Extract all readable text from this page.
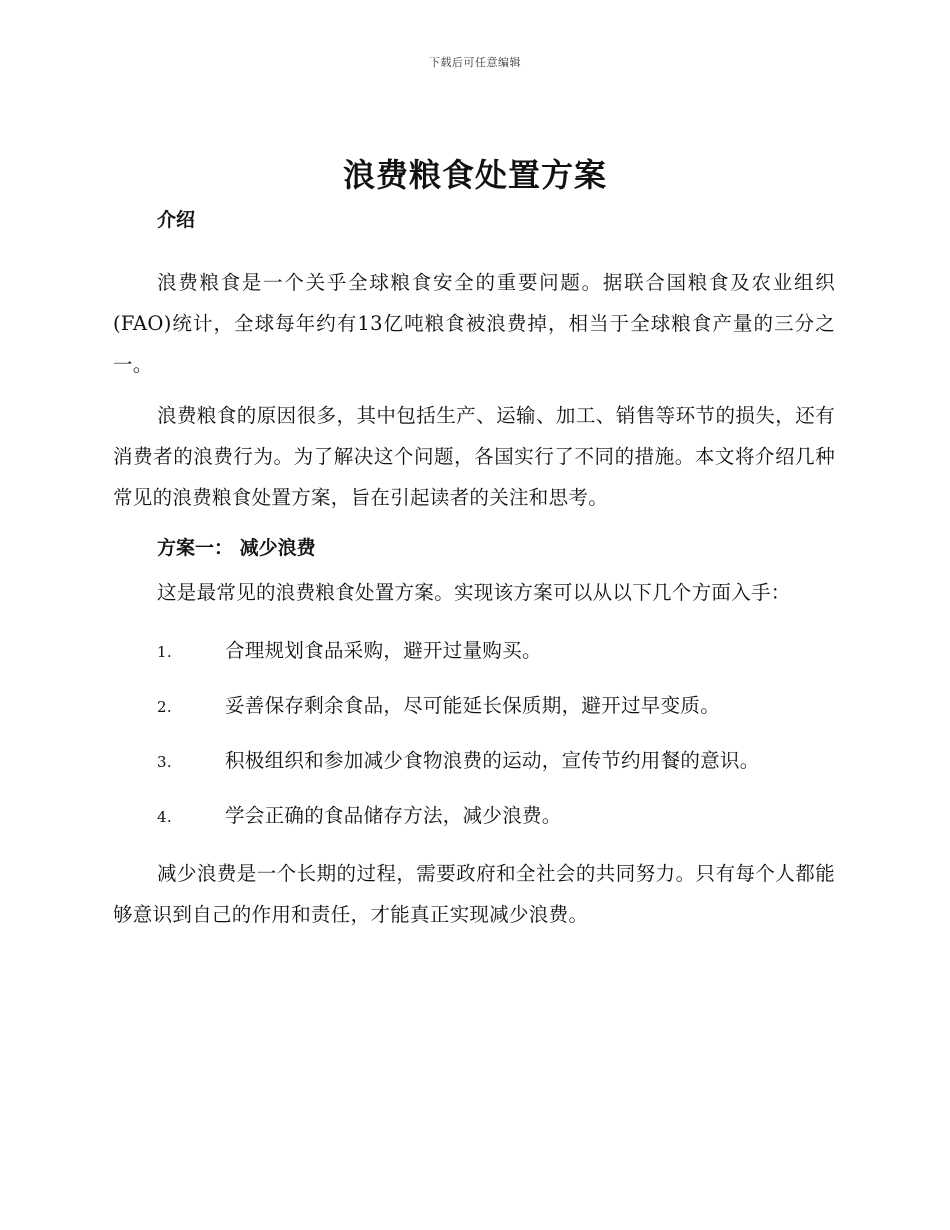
下载后可任意编辑
浪费粮食处置方案
介绍

浪费粮食是一个关乎全球粮食安全的重要问题。据联合国粮食及农业组织(FAO)统计，全球每年约有13亿吨粮食被浪费掉，相当于全球粮食产量的三分之一。

浪费粮食的原因很多，其中包括生产、运输、加工、销售等环节的损失，还有消费者的浪费行为。为了解决这个问题，各国实行了不同的措施。本文将介绍几种常见的浪费粮食处置方案，旨在引起读者的关注和思考。

方案一： 减少浪费

这是最常见的浪费粮食处置方案。实现该方案可以从以下几个方面入手：

1.	合理规划食品采购，避开过量购买。
2.	妥善保存剩余食品，尽可能延长保质期，避开过早变质。
3.	积极组织和参加减少食物浪费的运动，宣传节约用餐的意识。
4.	学会正确的食品储存方法，减少浪费。

减少浪费是一个长期的过程，需要政府和全社会的共同努力。只有每个人都能够意识到自己的作用和责任，才能真正实现减少浪费。
